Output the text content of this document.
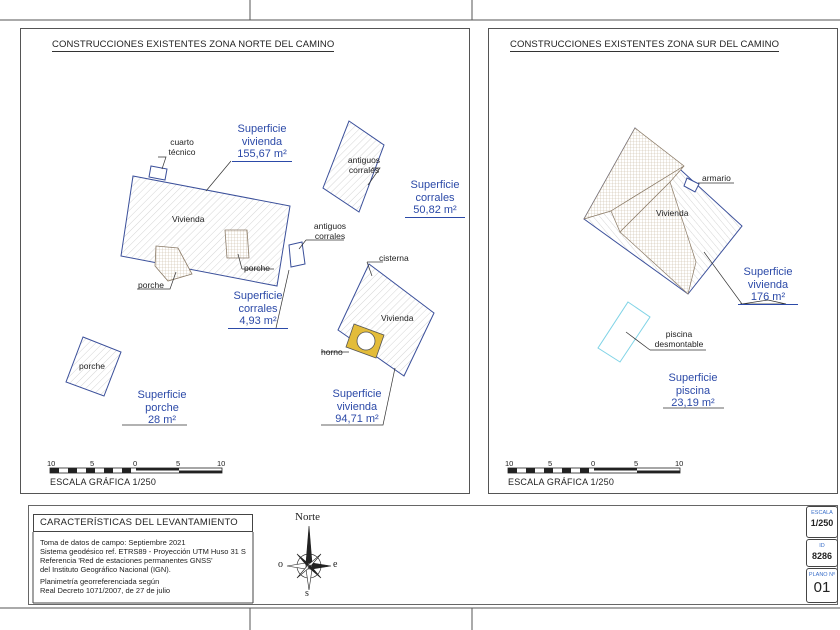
CONSTRUCCIONES EXISTENTES ZONA NORTE DEL CAMINO
cuarto
técnico
Vivienda
porche
porche
antiguos
corrales
antiguos
corrales
cisterna
Vivienda
horno
porche
Superficie
vivienda
155,67 m²
Superficie
corrales
50,82 m²
Superficie
corrales
4,93 m²
Superficie
porche
28 m²
Superficie
vivienda
94,71 m²
10	5	0	5	10
ESCALA GRÁFICA 1/250
CONSTRUCCIONES EXISTENTES ZONA SUR DEL CAMINO
armario
Vivienda
piscina
desmontable
Superficie
vivienda
176 m²
Superficie
piscina
23,19 m²
10	5	0	5	10
ESCALA GRÁFICA 1/250
CARACTERÍSTICAS DEL LEVANTAMIENTO
Toma de datos de campo: Septiembre 2021
Sistema geodésico ref. ETRS89 - Proyección UTM Huso 31 S
Referencia 'Red de estaciones permanentes GNSS'
del Instituto Geográfico Nacional (IGN).
Planimetría georreferenciada según
Real Decreto 1071/2007, de 27 de julio
Norte
o	e
s
ESCALA
1/250
ID
8286
PLANO Nº
01
